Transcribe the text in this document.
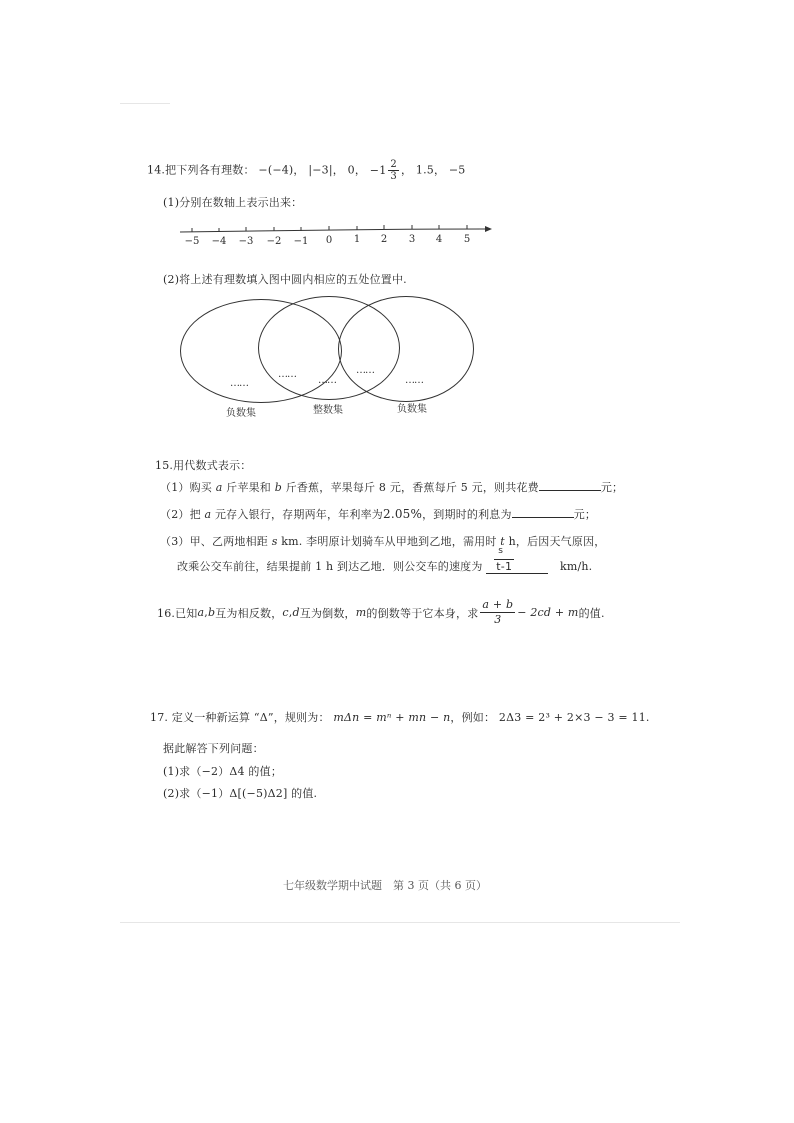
14.把下列各有理数： −(−4)， |−3|， 0， $-1 \frac{2}{3}$ ， 1.5， −5
(1)分别在数轴上表示出来：
−5 −4 −3 −2 −1 0 1 2 3 4 5
(2)将上述有理数填入图中圆内相应的五处位置中.
……
……
……
……
……
负数集	整数集	负数集
15.用代数式表示：
（1）购买 a 斤苹果和 b 斤香蕉，苹果每斤 8 元，香蕉每斤 5 元，则共花费	元；
（2）把 a 元存入银行，存期两年，年利率为2.05%，到期时的利息为	元；
（3）甲、乙两地相距 s km. 李明原计划骑车从甲地到乙地，需用时 t h，后因天气原因，
改乘公交车前往，结果提前 1 h 到达乙地．则公交车的速度为
s
t-1	km/h.
16.已知 a , b 互为相反数， c , d 互为倒数， m 的倒数等于它本身，求 $\frac{a + b}{3} - 2cd + m$ 的值.
17. 定义一种新运算 “Δ”，规则为： mΔn = mⁿ + mn − n，例如： 2Δ3 = 2³ + 2×3 − 3 = 11.
据此解答下列问题：
(1)求（−2）Δ4 的值；
(2)求（−1）Δ[(−5)Δ2] 的值.
七年级数学期中试题　第 3 页（共 6 页）
